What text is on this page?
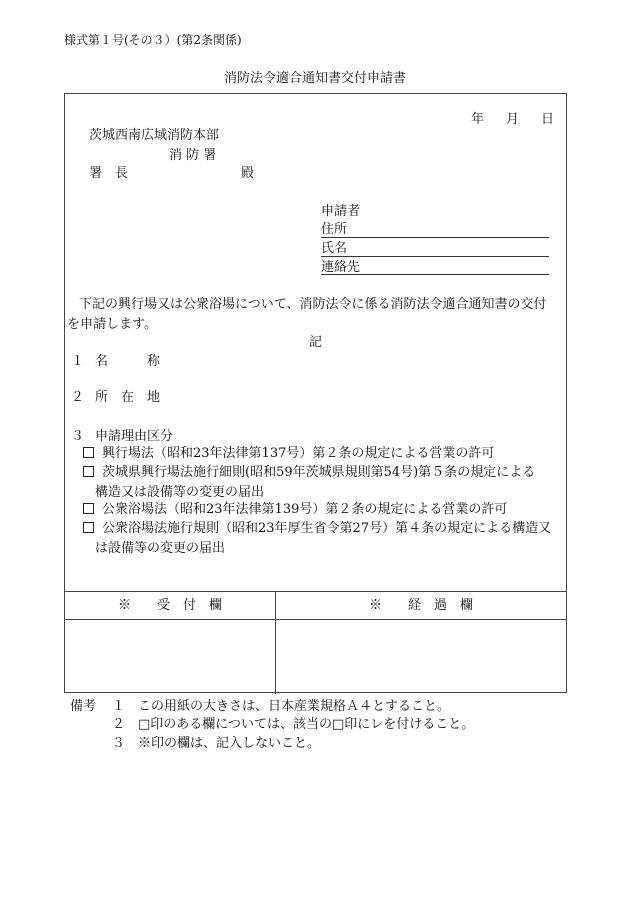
様式第１号(その３）(第2条関係)
消防法令適合通知書交付申請書
年 月 日
茨城西南広域消防本部
消 防 署
署　長	殿
申請者
住所
氏名
連絡先
下記の興行場又は公衆浴場について、消防法令に係る消防法令適合通知書の交付
を申請します。
記
１ 名　　　称
２ 所　在　地
３ 申請理由区分
興行場法（昭和23年法律第137号）第２条の規定による営業の許可
茨城県興行場法施行細則(昭和59年茨城県規則第54号)第５条の規定による
構造又は設備等の変更の届出
公衆浴場法（昭和23年法律第139号）第２条の規定による営業の許可
公衆浴場法施行規則（昭和23年厚生省令第27号）第４条の規定による構造又
は設備等の変更の届出
※　　受　付　欄	※　　経　過　欄
備考 １ この用紙の大きさは、日本産業規格Ａ４とすること。
２ □印のある欄については、該当の□印にレを付けること。
３ ※印の欄は、記入しないこと。
